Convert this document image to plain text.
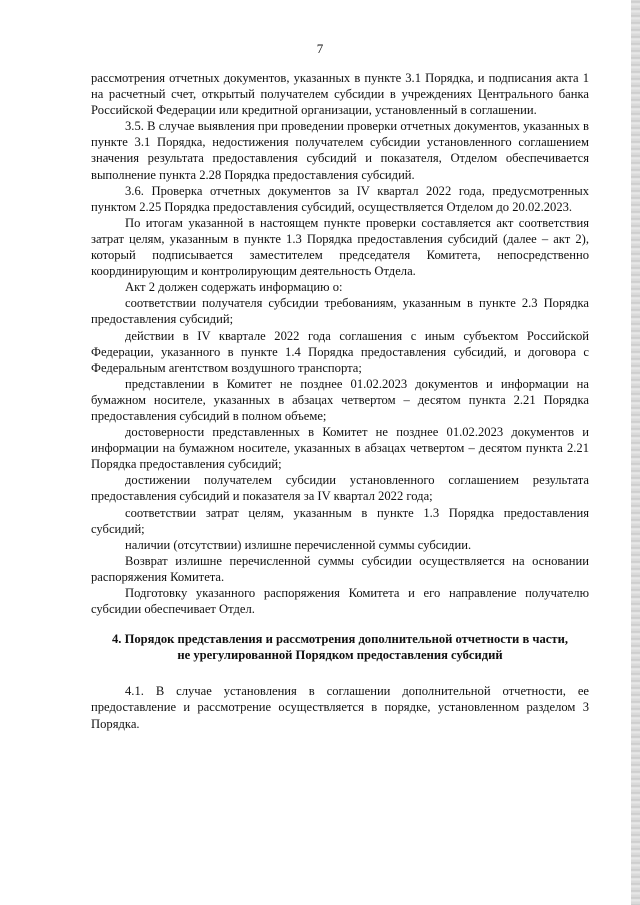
7

рассмотрения отчетных документов, указанных в пункте 3.1 Порядка, и подписания акта 1 на расчетный счет, открытый получателем субсидии в учреждениях Центрального банка Российской Федерации или кредитной организации, установленный в соглашении.

3.5. В случае выявления при проведении проверки отчетных документов, указанных в пункте 3.1 Порядка, недостижения получателем субсидии установленного соглашением значения результата предоставления субсидий и показателя, Отделом обеспечивается выполнение пункта 2.28 Порядка предоставления субсидий.

3.6. Проверка отчетных документов за IV квартал 2022 года, предусмотренных пунктом 2.25 Порядка предоставления субсидий, осуществляется Отделом до 20.02.2023.

По итогам указанной в настоящем пункте проверки составляется акт соответствия затрат целям, указанным в пункте 1.3 Порядка предоставления субсидий (далее – акт 2), который подписывается заместителем председателя Комитета, непосредственно координирующим и контролирующим деятельность Отдела.

Акт 2 должен содержать информацию о:

соответствии получателя субсидии требованиям, указанным в пункте 2.3 Порядка предоставления субсидий;

действии в IV квартале 2022 года соглашения с иным субъектом Российской Федерации, указанного в пункте 1.4 Порядка предоставления субсидий, и договора с Федеральным агентством воздушного транспорта;

представлении в Комитет не позднее 01.02.2023 документов и информации на бумажном носителе, указанных в абзацах четвертом – десятом пункта 2.21 Порядка предоставления субсидий в полном объеме;

достоверности представленных в Комитет не позднее 01.02.2023 документов и информации на бумажном носителе, указанных в абзацах четвертом – десятом пункта 2.21 Порядка предоставления субсидий;

достижении получателем субсидии установленного соглашением результата предоставления субсидий и показателя за IV квартал 2022 года;

соответствии затрат целям, указанным в пункте 1.3 Порядка предоставления субсидий;

наличии (отсутствии) излишне перечисленной суммы субсидии.

Возврат излишне перечисленной суммы субсидии осуществляется на основании распоряжения Комитета.

Подготовку указанного распоряжения Комитета и его направление получателю субсидии обеспечивает Отдел.

4. Порядок представления и рассмотрения дополнительной отчетности в части,
не урегулированной Порядком предоставления субсидий

4.1. В случае установления в соглашении дополнительной отчетности, ее предоставление и рассмотрение осуществляется в порядке, установленном разделом 3 Порядка.
